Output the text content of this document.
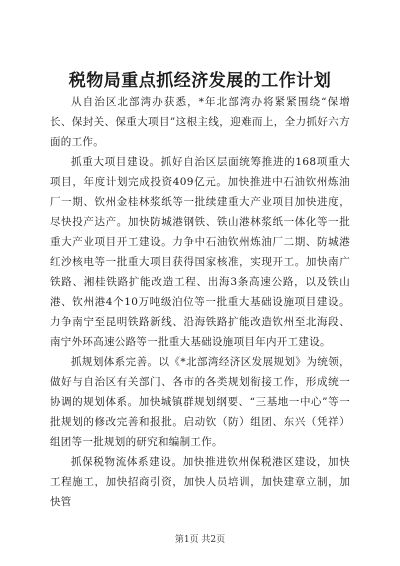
税物局重点抓经济发展的工作计划

从自治区北部湾办获悉，*年北部湾办将紧紧围绕“保增长、保封关、保重大项目”这根主线，迎难而上，全力抓好六方面的工作。

抓重大项目建设。抓好自治区层面统筹推进的168项重大项目，年度计划完成投资409亿元。加快推进中石油钦州炼油厂一期、钦州金桂林浆纸等一批续建重大产业项目加快进度，尽快投产达产。加快防城港钢铁、铁山港林浆纸一体化等一批重大产业项目开工建设。力争中石油钦州炼油厂二期、防城港红沙核电等一批重大项目获得国家核准，实现开工。加快南广铁路、湘桂铁路扩能改造工程、出海3条高速公路，以及铁山港、钦州港4个10万吨级泊位等一批重大基础设施项目建设。力争南宁至昆明铁路新线、沿海铁路扩能改造钦州至北海段、南宁外环高速公路等一批重大基础设施项目年内开工建设。

抓规划体系完善。以《*北部湾经济区发展规划》为统领，做好与自治区有关部门、各市的各类规划衔接工作，形成统一协调的规划体系。加快城镇群规划纲要、“三基地一中心”等一批规划的修改完善和报批。启动钦（防）组团、东兴（凭祥）组团等一批规划的研究和编制工作。

抓保税物流体系建设。加快推进钦州保税港区建设，加快工程施工，加快招商引资，加快人员培训，加快建章立制，加快管

第1页 共2页
